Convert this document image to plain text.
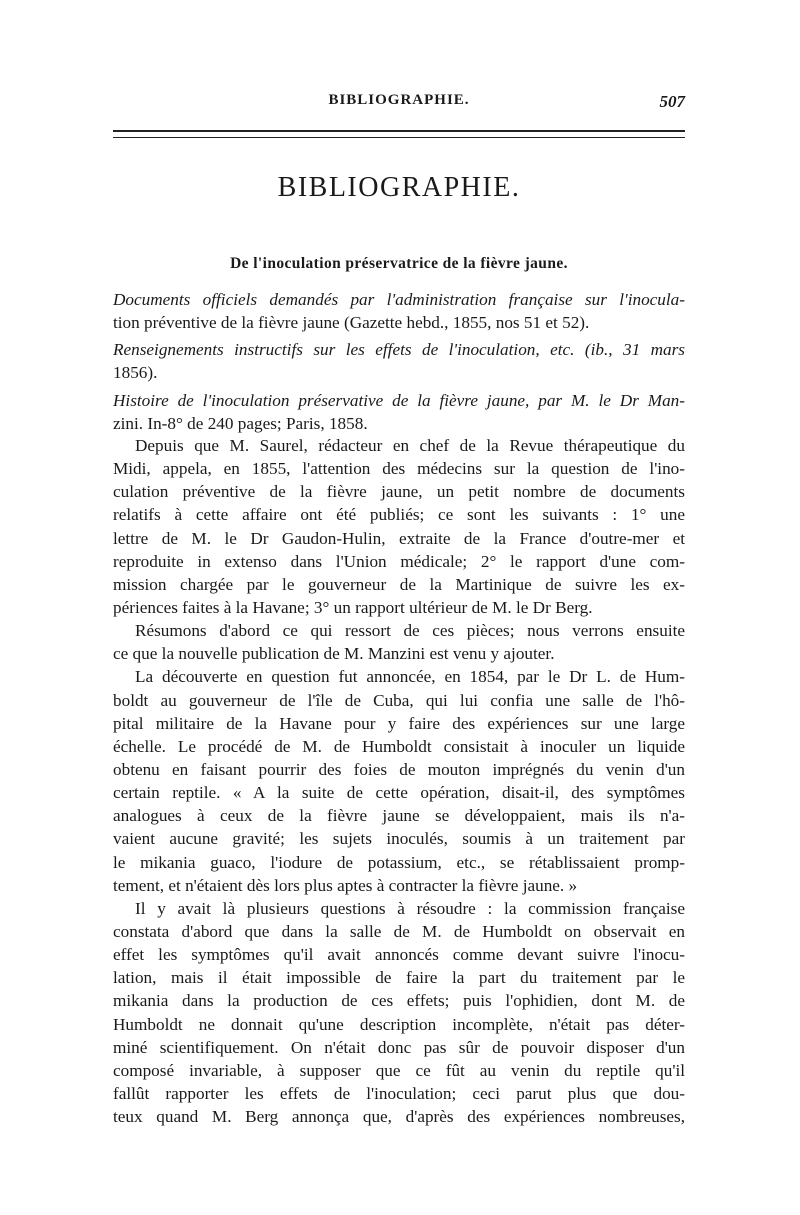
BIBLIOGRAPHIE.	507
BIBLIOGRAPHIE.
De l'inoculation préservatrice de la fièvre jaune.
Documents officiels demandés par l'administration française sur l'inocula-
tion préventive de la fièvre jaune (Gazette hebd., 1855, nos 51 et 52).
Renseignements instructifs sur les effets de l'inoculation, etc. (ib., 31 mars
1856).
Histoire de l'inoculation préservative de la fièvre jaune, par M. le Dr Man-
zini. In-8° de 240 pages; Paris, 1858.
Depuis que M. Saurel, rédacteur en chef de la Revue thérapeutique du
Midi, appela, en 1855, l'attention des médecins sur la question de l'ino-
culation préventive de la fièvre jaune, un petit nombre de documents
relatifs à cette affaire ont été publiés; ce sont les suivants : 1° une
lettre de M. le Dr Gaudon-Hulin, extraite de la France d'outre-mer et
reproduite in extenso dans l'Union médicale; 2° le rapport d'une com-
mission chargée par le gouverneur de la Martinique de suivre les ex-
périences faites à la Havane; 3° un rapport ultérieur de M. le Dr Berg.
Résumons d'abord ce qui ressort de ces pièces; nous verrons ensuite
ce que la nouvelle publication de M. Manzini est venu y ajouter.
La découverte en question fut annoncée, en 1854, par le Dr L. de Hum-
boldt au gouverneur de l'île de Cuba, qui lui confia une salle de l'hô-
pital militaire de la Havane pour y faire des expériences sur une large
échelle. Le procédé de M. de Humboldt consistait à inoculer un liquide
obtenu en faisant pourrir des foies de mouton imprégnés du venin d'un
certain reptile. « A la suite de cette opération, disait-il, des symptômes
analogues à ceux de la fièvre jaune se développaient, mais ils n'a-
vaient aucune gravité; les sujets inoculés, soumis à un traitement par
le mikania guaco, l'iodure de potassium, etc., se rétablissaient promp-
tement, et n'étaient dès lors plus aptes à contracter la fièvre jaune. »
Il y avait là plusieurs questions à résoudre : la commission française
constata d'abord que dans la salle de M. de Humboldt on observait en
effet les symptômes qu'il avait annoncés comme devant suivre l'inocu-
lation, mais il était impossible de faire la part du traitement par le
mikania dans la production de ces effets; puis l'ophidien, dont M. de
Humboldt ne donnait qu'une description incomplète, n'était pas déter-
miné scientifiquement. On n'était donc pas sûr de pouvoir disposer d'un
composé invariable, à supposer que ce fût au venin du reptile qu'il
fallût rapporter les effets de l'inoculation; ceci parut plus que dou-
teux quand M. Berg annonça que, d'après des expériences nombreuses,
